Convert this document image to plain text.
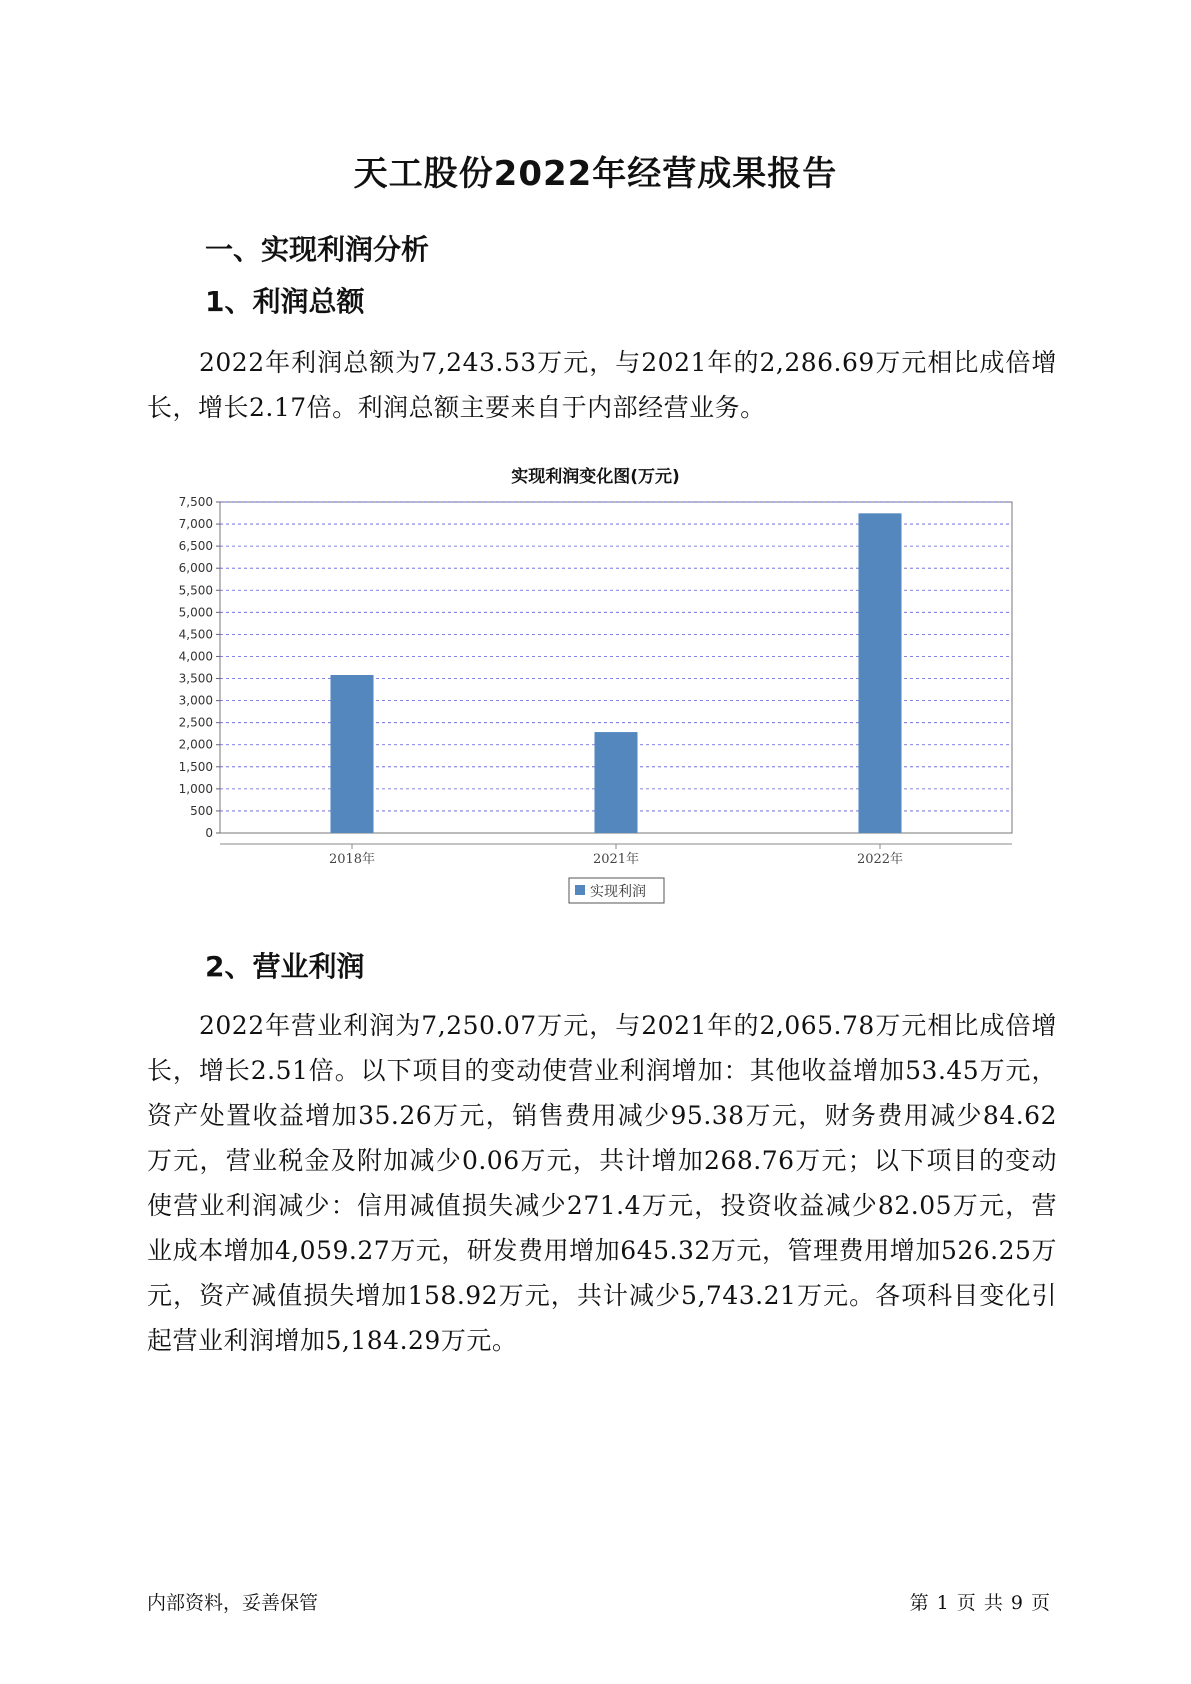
天工股份2022年经营成果报告
一、实现利润分析
1、利润总额
2022年利润总额为7,243.53万元，与2021年的2,286.69万元相比成倍增长，增长2.17倍。利润总额主要来自于内部经营业务。
实现利润变化图(万元)
0
500
1,000
1,500
2,000
2,500
3,000
3,500
4,000
4,500
5,000
5,500
6,000
6,500
7,000
7,500
2018年	2021年	2022年
实现利润
2、营业利润
2022年营业利润为7,250.07万元，与2021年的2,065.78万元相比成倍增长，增长2.51倍。以下项目的变动使营业利润增加：其他收益增加53.45万元，资产处置收益增加35.26万元，销售费用减少95.38万元，财务费用减少84.62万元，营业税金及附加减少0.06万元，共计增加268.76万元；以下项目的变动使营业利润减少：信用减值损失减少271.4万元，投资收益减少82.05万元，营业成本增加4,059.27万元，研发费用增加645.32万元，管理费用增加526.25万元，资产减值损失增加158.92万元，共计减少5,743.21万元。各项科目变化引起营业利润增加5,184.29万元。
内部资料，妥善保管	第 1 页 共 9 页
